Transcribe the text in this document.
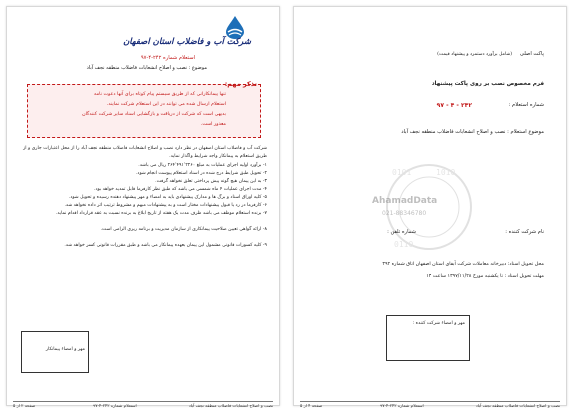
شرکت آب و فاضلاب استان اصفهان
استعلام شماره ۲۴۲-۴-۹۷
موضوع : نصب و اصلاح انشعابات فاضلاب منطقه نجف آباد
تذکر مهم:
تنها پیمانکارانی که از طریق سیستم پیام کوتاه برای آنها دعوت نامه
استعلام ارسال شده می توانند در این استعلام شرکت نمایند.
بدیهی است که شرکت از دریافت و بازگشایی اسناد سایر شرکت کنندگان
معذور است.
شرکت آب و فاضلاب استان اصفهان در نظر دارد نصب و اصلاح انشعابات فاضلاب منطقه نجف آباد را از محل اعتبارات جاری و از طریق استعلام به پیمانکار واجد شرایط واگذار نماید.
۱- برآورد اولیه اجرای عملیات به مبلغ ۲۶۴٬۴۹۱٬۲۲۶۰ ریال می باشد.
۲- تحویل طبق شرایط درج شده در اسناد استعلام پیوست انجام شود.
۳- به این پیمان هیچ گونه پیش پرداختی تعلق نخواهد گرفت.
۴- مدت اجرای عملیات ۴ ماه شمسی می باشد که طبق نظر کارفرما قابل تمدید خواهد بود.
۵- کلیه اوراق اسناد و برگ ها و مدارک پیشنهادی باید به امضاء و مهر پیشنهاد دهنده رسیده و تحویل شود.
۶- کارفرما در رد یا قبول پیشنهادات مختار است و به پیشنهادات مبهم و مشروط ترتیب اثر داده نخواهد شد.
۷- برنده استعلام موظف می باشد ظرف مدت یک هفته از تاریخ ابلاغ به برنده نسبت به عقد قرارداد اقدام نماید.
۸- ارائه گواهی تعیین صلاحیت پیمانکاری از سازمان مدیریت و برنامه ریزی الزامی است.
۹- کلیه کسورات قانونی مشمول این پیمان بعهده پیمانکار می باشد و طبق مقررات قانونی کسر خواهد شد.
مهر و امضاء پیمانکار
نصب و اصلاح انشعابات فاضلاب منطقه نجف آباد
استعلام شماره ۲۴۲-۴-۹۷
صفحه ۲ از ۵
پاکت اصلی
(شامل برآورد دستمزد و پیشنهاد قیمت)
فرم مخصوص نصب بر روی پاکت پیشنهاد
شماره استعلام :
۲۴۲ - ۴ - ۹۷
موضوع استعلام : نصب و اصلاح انشعابات فاضلاب منطقه نجف آباد
0101	1010
0110
AhamadData
021-88346780
نام شرکت کننده :
شماره تلفن :
محل تحویل اسناد: دبیرخانه معاملات شرکت آبفای استان اصفهان اتاق شماره ۳۹۲
مهلت تحویل اسناد : تا یکشنبه مورخ ۱۳۹۷/۱۱/۲۸ ساعت ۱۴
مهر و امضاء شرکت کننده :
نصب و اصلاح انشعابات فاضلاب منطقه نجف آباد
استعلام شماره ۲۴۲-۴-۹۷
صفحه ۴ از ۵
